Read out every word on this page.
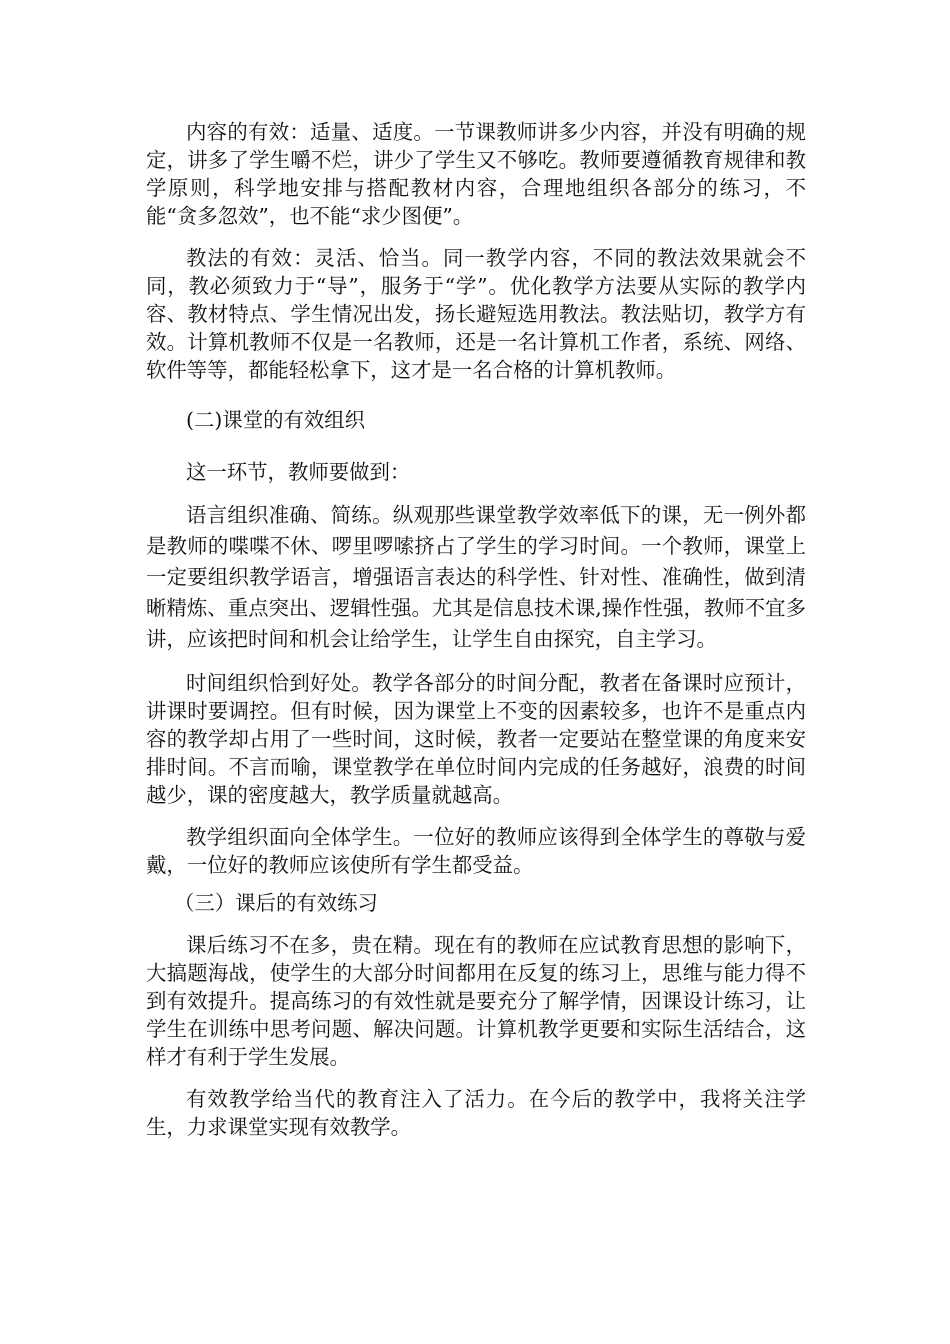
内容的有效：适量、适度。一节课教师讲多少内容，并没有明确的规定，讲多了学生嚼不烂，讲少了学生又不够吃。教师要遵循教育规律和教学原则，科学地安排与搭配教材内容，合理地组织各部分的练习，不能“贪多忽效”，也不能“求少图便”。

教法的有效：灵活、恰当。同一教学内容，不同的教法效果就会不同，教必须致力于“导”，服务于“学”。优化教学方法要从实际的教学内容、教材特点、学生情况出发，扬长避短选用教法。教法贴切，教学方有效。计算机教师不仅是一名教师，还是一名计算机工作者，系统、网络、软件等等，都能轻松拿下，这才是一名合格的计算机教师。

(二)课堂的有效组织

这一环节，教师要做到：

语言组织准确、简练。纵观那些课堂教学效率低下的课，无一例外都是教师的喋喋不休、啰里啰嗦挤占了学生的学习时间。一个教师，课堂上一定要组织教学语言，增强语言表达的科学性、针对性、准确性，做到清晰精炼、重点突出、逻辑性强。尤其是信息技术课,操作性强，教师不宜多讲，应该把时间和机会让给学生，让学生自由探究，自主学习。

时间组织恰到好处。教学各部分的时间分配，教者在备课时应预计，讲课时要调控。但有时候，因为课堂上不变的因素较多，也许不是重点内容的教学却占用了一些时间，这时候，教者一定要站在整堂课的角度来安排时间。不言而喻，课堂教学在单位时间内完成的任务越好，浪费的时间越少，课的密度越大，教学质量就越高。

教学组织面向全体学生。一位好的教师应该得到全体学生的尊敬与爱戴，一位好的教师应该使所有学生都受益。

（三）课后的有效练习

课后练习不在多，贵在精。现在有的教师在应试教育思想的影响下，大搞题海战，使学生的大部分时间都用在反复的练习上，思维与能力得不到有效提升。提高练习的有效性就是要充分了解学情，因课设计练习，让学生在训练中思考问题、解决问题。计算机教学更要和实际生活结合，这样才有利于学生发展。

有效教学给当代的教育注入了活力。在今后的教学中，我将关注学生，力求课堂实现有效教学。
